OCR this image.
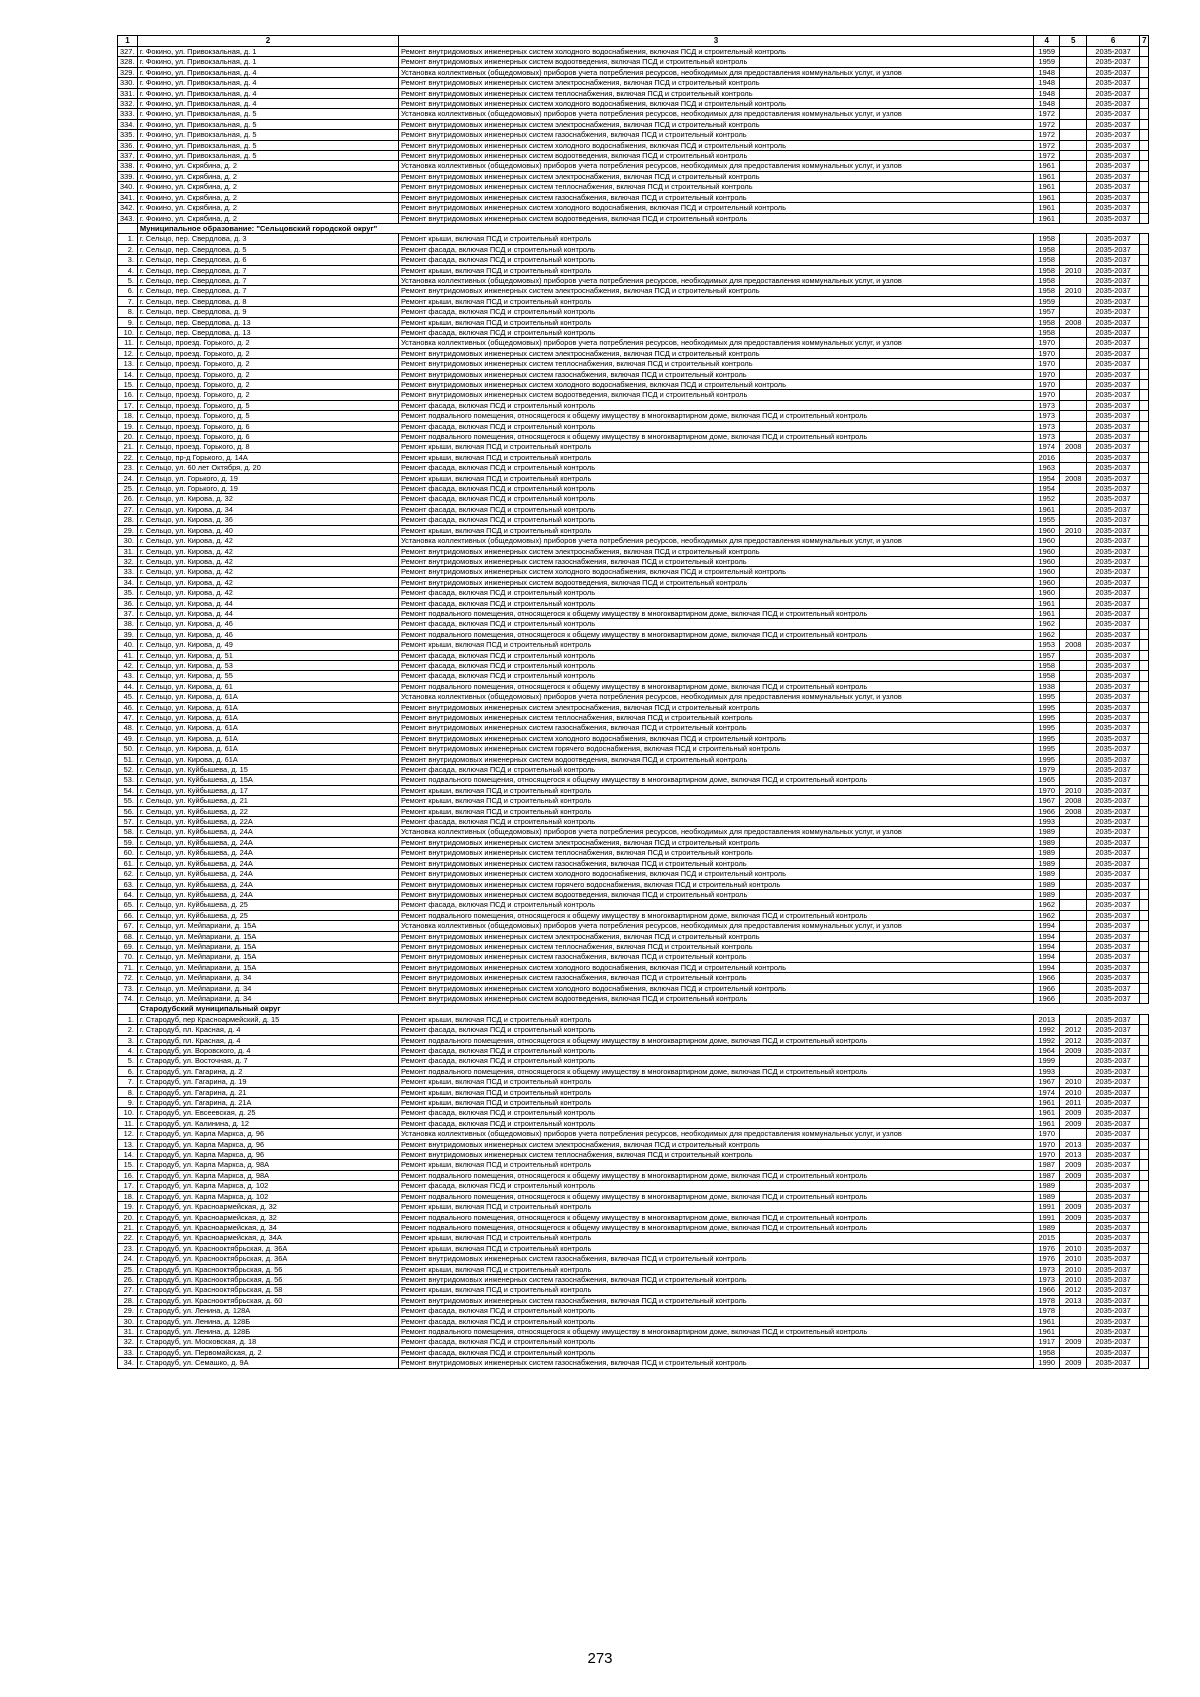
1	2	3	4	5	6	7
327.	г. Фокино, ул. Привокзальная, д. 1	Ремонт внутридомовых инженерных систем холодного водоснабжения, включая ПСД и строительный контроль	1959		2035-2037	
328.	г. Фокино, ул. Привокзальная, д. 1	Ремонт внутридомовых инженерных систем водоотведения, включая ПСД и строительный контроль	1959		2035-2037	
329.	г. Фокино, ул. Привокзальная, д. 4	Установка коллективных (общедомовых) приборов учета потребления ресурсов, необходимых для предоставления коммунальных услуг, и узлов	1948		2035-2037	
330.	г. Фокино, ул. Привокзальная, д. 4	Ремонт внутридомовых инженерных систем электроснабжения, включая ПСД и строительный контроль	1948		2035-2037	
331.	г. Фокино, ул. Привокзальная, д. 4	Ремонт внутридомовых инженерных систем теплоснабжения, включая ПСД и строительный контроль	1948		2035-2037	
332.	г. Фокино, ул. Привокзальная, д. 4	Ремонт внутридомовых инженерных систем холодного водоснабжения, включая ПСД и строительный контроль	1948		2035-2037	
333.	г. Фокино, ул. Привокзальная, д. 5	Установка коллективных (общедомовых) приборов учета потребления ресурсов, необходимых для предоставления коммунальных услуг, и узлов	1972		2035-2037	
334.	г. Фокино, ул. Привокзальная, д. 5	Ремонт внутридомовых инженерных систем электроснабжения, включая ПСД и строительный контроль	1972		2035-2037	
335.	г. Фокино, ул. Привокзальная, д. 5	Ремонт внутридомовых инженерных систем газоснабжения, включая ПСД и строительный контроль	1972		2035-2037	
336.	г. Фокино, ул. Привокзальная, д. 5	Ремонт внутридомовых инженерных систем холодного водоснабжения, включая ПСД и строительный контроль	1972		2035-2037	
337.	г. Фокино, ул. Привокзальная, д. 5	Ремонт внутридомовых инженерных систем водоотведения, включая ПСД и строительный контроль	1972		2035-2037	
338.	г. Фокино, ул. Скрябина, д. 2	Установка коллективных (общедомовых) приборов учета потребления ресурсов, необходимых для предоставления коммунальных услуг, и узлов	1961		2035-2037	
339.	г. Фокино, ул. Скрябина, д. 2	Ремонт внутридомовых инженерных систем электроснабжения, включая ПСД и строительный контроль	1961		2035-2037	
340.	г. Фокино, ул. Скрябина, д. 2	Ремонт внутридомовых инженерных систем теплоснабжения, включая ПСД и строительный контроль	1961		2035-2037	
341.	г. Фокино, ул. Скрябина, д. 2	Ремонт внутридомовых инженерных систем газоснабжения, включая ПСД и строительный контроль	1961		2035-2037	
342.	г. Фокино, ул. Скрябина, д. 2	Ремонт внутридомовых инженерных систем холодного водоснабжения, включая ПСД и строительный контроль	1961		2035-2037	
343.	г. Фокино, ул. Скрябина, д. 2	Ремонт внутридомовых инженерных систем водоотведения, включая ПСД и строительный контроль	1961		2035-2037	
	Муниципальное образование: "Сельцовский городской округ"					
1.	г. Сельцо, пер. Свердлова, д. 3	Ремонт крыши, включая ПСД и строительный контроль	1958		2035-2037	
2.	г. Сельцо, пер. Свердлова, д. 5	Ремонт фасада, включая ПСД и строительный контроль	1958		2035-2037	
3.	г. Сельцо, пер. Свердлова, д. 6	Ремонт фасада, включая ПСД и строительный контроль	1958		2035-2037	
4.	г. Сельцо, пер. Свердлова, д. 7	Ремонт крыши, включая ПСД и строительный контроль	1958	2010	2035-2037	
5.	г. Сельцо, пер. Свердлова, д. 7	Установка коллективных (общедомовых) приборов учета потребления ресурсов, необходимых для предоставления коммунальных услуг, и узлов	1958		2035-2037	
6.	г. Сельцо, пер. Свердлова, д. 7	Ремонт внутридомовых инженерных систем электроснабжения, включая ПСД и строительный контроль	1958	2010	2035-2037	
7.	г. Сельцо, пер. Свердлова, д. 8	Ремонт крыши, включая ПСД и строительный контроль	1959		2035-2037	
8.	г. Сельцо, пер. Свердлова, д. 9	Ремонт фасада, включая ПСД и строительный контроль	1957		2035-2037	
9.	г. Сельцо, пер. Свердлова, д. 13	Ремонт крыши, включая ПСД и строительный контроль	1958	2008	2035-2037	
10.	г. Сельцо, пер. Свердлова, д. 13	Ремонт фасада, включая ПСД и строительный контроль	1958		2035-2037	
11.	г. Сельцо, проезд. Горького, д. 2	Установка коллективных (общедомовых) приборов учета потребления ресурсов, необходимых для предоставления коммунальных услуг, и узлов	1970		2035-2037	
12.	г. Сельцо, проезд. Горького, д. 2	Ремонт внутридомовых инженерных систем электроснабжения, включая ПСД и строительный контроль	1970		2035-2037	
13.	г. Сельцо, проезд. Горького, д. 2	Ремонт внутридомовых инженерных систем теплоснабжения, включая ПСД и строительный контроль	1970		2035-2037	
14.	г. Сельцо, проезд. Горького, д. 2	Ремонт внутридомовых инженерных систем газоснабжения, включая ПСД и строительный контроль	1970		2035-2037	
15.	г. Сельцо, проезд. Горького, д. 2	Ремонт внутридомовых инженерных систем холодного водоснабжения, включая ПСД и строительный контроль	1970		2035-2037	
16.	г. Сельцо, проезд. Горького, д. 2	Ремонт внутридомовых инженерных систем водоотведения, включая ПСД и строительный контроль	1970		2035-2037	
17.	г. Сельцо, проезд. Горького, д. 5	Ремонт фасада, включая ПСД и строительный контроль	1973		2035-2037	
18.	г. Сельцо, проезд. Горького, д. 5	Ремонт подвального помещения, относящегося к общему имуществу в многоквартирном доме, включая ПСД и строительный контроль	1973		2035-2037	
19.	г. Сельцо, проезд. Горького, д. 6	Ремонт фасада, включая ПСД и строительный контроль	1973		2035-2037	
20.	г. Сельцо, проезд. Горького, д. 6	Ремонт подвального помещения, относящегося к общему имуществу в многоквартирном доме, включая ПСД и строительный контроль	1973		2035-2037	
21.	г. Сельцо, проезд. Горького, д. 8	Ремонт крыши, включая ПСД и строительный контроль	1974	2008	2035-2037	
22.	г. Сельцо, пр-д Горького, д. 14А	Ремонт крыши, включая ПСД и строительный контроль	2016		2035-2037	
23.	г. Сельцо, ул. 60 лет Октября, д. 20	Ремонт фасада, включая ПСД и строительный контроль	1963		2035-2037	
24.	г. Сельцо, ул. Горького, д. 19	Ремонт крыши, включая ПСД и строительный контроль	1954	2008	2035-2037	
25.	г. Сельцо, ул. Горького, д. 19	Ремонт фасада, включая ПСД и строительный контроль	1954		2035-2037	
26.	г. Сельцо, ул. Кирова, д. 32	Ремонт фасада, включая ПСД и строительный контроль	1952		2035-2037	
27.	г. Сельцо, ул. Кирова, д. 34	Ремонт фасада, включая ПСД и строительный контроль	1961		2035-2037	
28.	г. Сельцо, ул. Кирова, д. 36	Ремонт фасада, включая ПСД и строительный контроль	1955		2035-2037	
29.	г. Сельцо, ул. Кирова, д. 40	Ремонт крыши, включая ПСД и строительный контроль	1960	2010	2035-2037	
30.	г. Сельцо, ул. Кирова, д. 42	Установка коллективных (общедомовых) приборов учета потребления ресурсов, необходимых для предоставления коммунальных услуг, и узлов	1960		2035-2037	
31.	г. Сельцо, ул. Кирова, д. 42	Ремонт внутридомовых инженерных систем электроснабжения, включая ПСД и строительный контроль	1960		2035-2037	
32.	г. Сельцо, ул. Кирова, д. 42	Ремонт внутридомовых инженерных систем газоснабжения, включая ПСД и строительный контроль	1960		2035-2037	
33.	г. Сельцо, ул. Кирова, д. 42	Ремонт внутридомовых инженерных систем холодного водоснабжения, включая ПСД и строительный контроль	1960		2035-2037	
34.	г. Сельцо, ул. Кирова, д. 42	Ремонт внутридомовых инженерных систем водоотведения, включая ПСД и строительный контроль	1960		2035-2037	
35.	г. Сельцо, ул. Кирова, д. 42	Ремонт фасада, включая ПСД и строительный контроль	1960		2035-2037	
36.	г. Сельцо, ул. Кирова, д. 44	Ремонт фасада, включая ПСД и строительный контроль	1961		2035-2037	
37.	г. Сельцо, ул. Кирова, д. 44	Ремонт подвального помещения, относящегося к общему имуществу в многоквартирном доме, включая ПСД и строительный контроль	1961		2035-2037	
38.	г. Сельцо, ул. Кирова, д. 46	Ремонт фасада, включая ПСД и строительный контроль	1962		2035-2037	
39.	г. Сельцо, ул. Кирова, д. 46	Ремонт подвального помещения, относящегося к общему имуществу в многоквартирном доме, включая ПСД и строительный контроль	1962		2035-2037	
40.	г. Сельцо, ул. Кирова, д. 49	Ремонт крыши, включая ПСД и строительный контроль	1953	2008	2035-2037	
41.	г. Сельцо, ул. Кирова, д. 51	Ремонт фасада, включая ПСД и строительный контроль	1957		2035-2037	
42.	г. Сельцо, ул. Кирова, д. 53	Ремонт фасада, включая ПСД и строительный контроль	1958		2035-2037	
43.	г. Сельцо, ул. Кирова, д. 55	Ремонт фасада, включая ПСД и строительный контроль	1958		2035-2037	
44.	г. Сельцо, ул. Кирова, д. 61	Ремонт подвального помещения, относящегося к общему имуществу в многоквартирном доме, включая ПСД и строительный контроль	1938		2035-2037	
45.	г. Сельцо, ул. Кирова, д. 61А	Установка коллективных (общедомовых) приборов учета потребления ресурсов, необходимых для предоставления коммунальных услуг, и узлов	1995		2035-2037	
46.	г. Сельцо, ул. Кирова, д. 61А	Ремонт внутридомовых инженерных систем электроснабжения, включая ПСД и строительный контроль	1995		2035-2037	
47.	г. Сельцо, ул. Кирова, д. 61А	Ремонт внутридомовых инженерных систем теплоснабжения, включая ПСД и строительный контроль	1995		2035-2037	
48.	г. Сельцо, ул. Кирова, д. 61А	Ремонт внутридомовых инженерных систем газоснабжения, включая ПСД и строительный контроль	1995		2035-2037	
49.	г. Сельцо, ул. Кирова, д. 61А	Ремонт внутридомовых инженерных систем холодного водоснабжения, включая ПСД и строительный контроль	1995		2035-2037	
50.	г. Сельцо, ул. Кирова, д. 61А	Ремонт внутридомовых инженерных систем горячего водоснабжения, включая ПСД и строительный контроль	1995		2035-2037	
51.	г. Сельцо, ул. Кирова, д. 61А	Ремонт внутридомовых инженерных систем водоотведения, включая ПСД и строительный контроль	1995		2035-2037	
52.	г. Сельцо, ул. Куйбышева, д. 15	Ремонт фасада, включая ПСД и строительный контроль	1979		2035-2037	
53.	г. Сельцо, ул. Куйбышева, д. 15А	Ремонт подвального помещения, относящегося к общему имуществу в многоквартирном доме, включая ПСД и строительный контроль	1965		2035-2037	
54.	г. Сельцо, ул. Куйбышева, д. 17	Ремонт крыши, включая ПСД и строительный контроль	1970	2010	2035-2037	
55.	г. Сельцо, ул. Куйбышева, д. 21	Ремонт крыши, включая ПСД и строительный контроль	1967	2008	2035-2037	
56.	г. Сельцо, ул. Куйбышева, д. 22	Ремонт крыши, включая ПСД и строительный контроль	1966	2008	2035-2037	
57.	г. Сельцо, ул. Куйбышева, д. 22А	Ремонт фасада, включая ПСД и строительный контроль	1993		2035-2037	
58.	г. Сельцо, ул. Куйбышева, д. 24А	Установка коллективных (общедомовых) приборов учета потребления ресурсов, необходимых для предоставления коммунальных услуг, и узлов	1989		2035-2037	
59.	г. Сельцо, ул. Куйбышева, д. 24А	Ремонт внутридомовых инженерных систем электроснабжения, включая ПСД и строительный контроль	1989		2035-2037	
60.	г. Сельцо, ул. Куйбышева, д. 24А	Ремонт внутридомовых инженерных систем теплоснабжения, включая ПСД и строительный контроль	1989		2035-2037	
61.	г. Сельцо, ул. Куйбышева, д. 24А	Ремонт внутридомовых инженерных систем газоснабжения, включая ПСД и строительный контроль	1989		2035-2037	
62.	г. Сельцо, ул. Куйбышева, д. 24А	Ремонт внутридомовых инженерных систем холодного водоснабжения, включая ПСД и строительный контроль	1989		2035-2037	
63.	г. Сельцо, ул. Куйбышева, д. 24А	Ремонт внутридомовых инженерных систем горячего водоснабжения, включая ПСД и строительный контроль	1989		2035-2037	
64.	г. Сельцо, ул. Куйбышева, д. 24А	Ремонт внутридомовых инженерных систем водоотведения, включая ПСД и строительный контроль	1989		2035-2037	
65.	г. Сельцо, ул. Куйбышева, д. 25	Ремонт фасада, включая ПСД и строительный контроль	1962		2035-2037	
66.	г. Сельцо, ул. Куйбышева, д. 25	Ремонт подвального помещения, относящегося к общему имуществу в многоквартирном доме, включая ПСД и строительный контроль	1962		2035-2037	
67.	г. Сельцо, ул. Мейпариани, д. 15А	Установка коллективных (общедомовых) приборов учета потребления ресурсов, необходимых для предоставления коммунальных услуг, и узлов	1994		2035-2037	
68.	г. Сельцо, ул. Мейпариани, д. 15А	Ремонт внутридомовых инженерных систем электроснабжения, включая ПСД и строительный контроль	1994		2035-2037	
69.	г. Сельцо, ул. Мейпариани, д. 15А	Ремонт внутридомовых инженерных систем теплоснабжения, включая ПСД и строительный контроль	1994		2035-2037	
70.	г. Сельцо, ул. Мейпариани, д. 15А	Ремонт внутридомовых инженерных систем газоснабжения, включая ПСД и строительный контроль	1994		2035-2037	
71.	г. Сельцо, ул. Мейпариани, д. 15А	Ремонт внутридомовых инженерных систем холодного водоснабжения, включая ПСД и строительный контроль	1994		2035-2037	
72.	г. Сельцо, ул. Мейпариани, д. 34	Ремонт внутридомовых инженерных систем газоснабжения, включая ПСД и строительный контроль	1966		2035-2037	
73.	г. Сельцо, ул. Мейпариани, д. 34	Ремонт внутридомовых инженерных систем холодного водоснабжения, включая ПСД и строительный контроль	1966		2035-2037	
74.	г. Сельцо, ул. Мейпариани, д. 34	Ремонт внутридомовых инженерных систем водоотведения, включая ПСД и строительный контроль	1966		2035-2037	
	Стародубский муниципальный округ					
1.	г. Стародуб, пер Красноармейский, д. 15	Ремонт крыши, включая ПСД и строительный контроль	2013		2035-2037	
2.	г. Стародуб, пл. Красная, д. 4	Ремонт фасада, включая ПСД и строительный контроль	1992	2012	2035-2037	
3.	г. Стародуб, пл. Красная, д. 4	Ремонт подвального помещения, относящегося к общему имуществу в многоквартирном доме, включая ПСД и строительный контроль	1992	2012	2035-2037	
4.	г. Стародуб, ул. Воровского, д. 4	Ремонт фасада, включая ПСД и строительный контроль	1964	2009	2035-2037	
5.	г. Стародуб, ул. Восточная, д. 7	Ремонт фасада, включая ПСД и строительный контроль	1999		2035-2037	
6.	г. Стародуб, ул. Гагарина, д. 2	Ремонт подвального помещения, относящегося к общему имуществу в многоквартирном доме, включая ПСД и строительный контроль	1993		2035-2037	
7.	г. Стародуб, ул. Гагарина, д. 19	Ремонт крыши, включая ПСД и строительный контроль	1967	2010	2035-2037	
8.	г. Стародуб, ул. Гагарина, д. 21	Ремонт крыши, включая ПСД и строительный контроль	1974	2010	2035-2037	
9.	г. Стародуб, ул. Гагарина, д. 21А	Ремонт крыши, включая ПСД и строительный контроль	1961	2011	2035-2037	
10.	г. Стародуб, ул. Евсеевская, д. 25	Ремонт фасада, включая ПСД и строительный контроль	1961	2009	2035-2037	
11.	г. Стародуб, ул. Калинина, д. 12	Ремонт фасада, включая ПСД и строительный контроль	1961	2009	2035-2037	
12.	г. Стародуб, ул. Карла Маркса, д. 96	Установка коллективных (общедомовых) приборов учета потребления ресурсов, необходимых для предоставления коммунальных услуг, и узлов	1970		2035-2037	
13.	г. Стародуб, ул. Карла Маркса, д. 96	Ремонт внутридомовых инженерных систем электроснабжения, включая ПСД и строительный контроль	1970	2013	2035-2037	
14.	г. Стародуб, ул. Карла Маркса, д. 96	Ремонт внутридомовых инженерных систем теплоснабжения, включая ПСД и строительный контроль	1970	2013	2035-2037	
15.	г. Стародуб, ул. Карла Маркса, д. 98А	Ремонт крыши, включая ПСД и строительный контроль	1987	2009	2035-2037	
16.	г. Стародуб, ул. Карла Маркса, д. 98А	Ремонт подвального помещения, относящегося к общему имуществу в многоквартирном доме, включая ПСД и строительный контроль	1987	2009	2035-2037	
17.	г. Стародуб, ул. Карла Маркса, д. 102	Ремонт фасада, включая ПСД и строительный контроль	1989		2035-2037	
18.	г. Стародуб, ул. Карла Маркса, д. 102	Ремонт подвального помещения, относящегося к общему имуществу в многоквартирном доме, включая ПСД и строительный контроль	1989		2035-2037	
19.	г. Стародуб, ул. Красноармейская, д. 32	Ремонт крыши, включая ПСД и строительный контроль	1991	2009	2035-2037	
20.	г. Стародуб, ул. Красноармейская, д. 32	Ремонт подвального помещения, относящегося к общему имуществу в многоквартирном доме, включая ПСД и строительный контроль	1991	2009	2035-2037	
21.	г. Стародуб, ул. Красноармейская, д. 34	Ремонт подвального помещения, относящегося к общему имуществу в многоквартирном доме, включая ПСД и строительный контроль	1989		2035-2037	
22.	г. Стародуб, ул. Красноармейская, д. 34А	Ремонт крыши, включая ПСД и строительный контроль	2015		2035-2037	
23.	г. Стародуб, ул. Краснооктябрьская, д. 36А	Ремонт крыши, включая ПСД и строительный контроль	1976	2010	2035-2037	
24.	г. Стародуб, ул. Краснооктябрьская, д. 36А	Ремонт внутридомовых инженерных систем газоснабжения, включая ПСД и строительный контроль	1976	2010	2035-2037	
25.	г. Стародуб, ул. Краснооктябрьская, д. 56	Ремонт крыши, включая ПСД и строительный контроль	1973	2010	2035-2037	
26.	г. Стародуб, ул. Краснооктябрьская, д. 56	Ремонт внутридомовых инженерных систем газоснабжения, включая ПСД и строительный контроль	1973	2010	2035-2037	
27.	г. Стародуб, ул. Краснооктябрьская, д. 58	Ремонт крыши, включая ПСД и строительный контроль	1966	2012	2035-2037	
28.	г. Стародуб, ул. Краснооктябрьская, д. 60	Ремонт внутридомовых инженерных систем газоснабжения, включая ПСД и строительный контроль	1978	2013	2035-2037	
29.	г. Стародуб, ул. Ленина, д. 128А	Ремонт фасада, включая ПСД и строительный контроль	1978		2035-2037	
30.	г. Стародуб, ул. Ленина, д. 128Б	Ремонт фасада, включая ПСД и строительный контроль	1961		2035-2037	
31.	г. Стародуб, ул. Ленина, д. 128Б	Ремонт подвального помещения, относящегося к общему имуществу в многоквартирном доме, включая ПСД и строительный контроль	1961		2035-2037	
32.	г. Стародуб, ул. Московская, д. 18	Ремонт фасада, включая ПСД и строительный контроль	1917	2009	2035-2037	
33.	г. Стародуб, ул. Первомайская, д. 2	Ремонт фасада, включая ПСД и строительный контроль	1958		2035-2037	
34.	г. Стародуб, ул. Семашко, д. 9А	Ремонт внутридомовых инженерных систем газоснабжения, включая ПСД и строительный контроль	1990	2009	2035-2037	
273
